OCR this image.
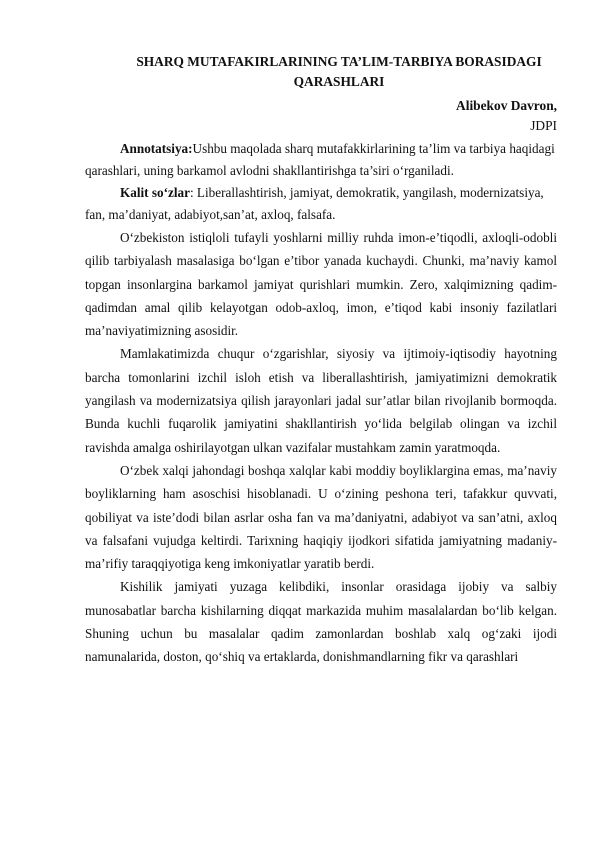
SHARQ MUTAFAKIRLARINING TA’LIM-TARBIYA BORASIDAGI
QARASHLARI

Alibekov Davron,

JDPI

Annotatsiya:Ushbu maqolada sharq mutafakkirlarining ta’lim va tarbiya haqidagi qarashlari, uning barkamol avlodni shakllantirishga ta’siri o‘rganiladi.

Kalit so‘zlar: Liberallashtirish, jamiyat, demokratik, yangilash, modernizatsiya, fan, ma’daniyat, adabiyot,san’at, axloq, falsafa.

O‘zbekiston istiqloli tufayli yoshlarni milliy ruhda imon-e’tiqodli, axloqli-odobli qilib tarbiyalash masalasiga bo‘lgan e’tibor yanada kuchaydi. Chunki, ma’naviy kamol topgan insonlargina barkamol jamiyat qurishlari mumkin. Zero, xalqimizning qadim-qadimdan amal qilib kelayotgan odob-axloq, imon, e’tiqod kabi insoniy fazilatlari ma’naviyatimizning asosidir.

Mamlakatimizda chuqur o‘zgarishlar, siyosiy va ijtimoiy-iqtisodiy hayotning barcha tomonlarini izchil isloh etish va liberallashtirish, jamiyatimizni demokratik yangilash va modernizatsiya qilish jarayonlari jadal sur’atlar bilan rivojlanib bormoqda. Bunda kuchli fuqarolik jamiyatini shakllantirish yo‘lida belgilab olingan va izchil ravishda amalga oshirilayotgan ulkan vazifalar mustahkam zamin yaratmoqda.

O‘zbek xalqi jahondagi boshqa xalqlar kabi moddiy boyliklargina emas, ma’naviy boyliklarning ham asoschisi hisoblanadi. U o‘zining peshona teri, tafakkur quvvati, qobiliyat va iste’dodi bilan asrlar osha fan va ma’daniyatni, adabiyot va san’atni, axloq va falsafani vujudga keltirdi. Tarixning haqiqiy ijodkori sifatida jamiyatning madaniy-ma’rifiy taraqqiyotiga keng imkoniyatlar yaratib berdi.

Kishilik jamiyati yuzaga kelibdiki, insonlar orasidaga ijobiy va salbiy munosabatlar barcha kishilarning diqqat markazida muhim masalalardan bo‘lib kelgan. Shuning uchun bu masalalar qadim zamonlardan boshlab xalq og‘zaki ijodi namunalarida, doston, qo‘shiq va ertaklarda, donishmandlarning fikr va qarashlari
